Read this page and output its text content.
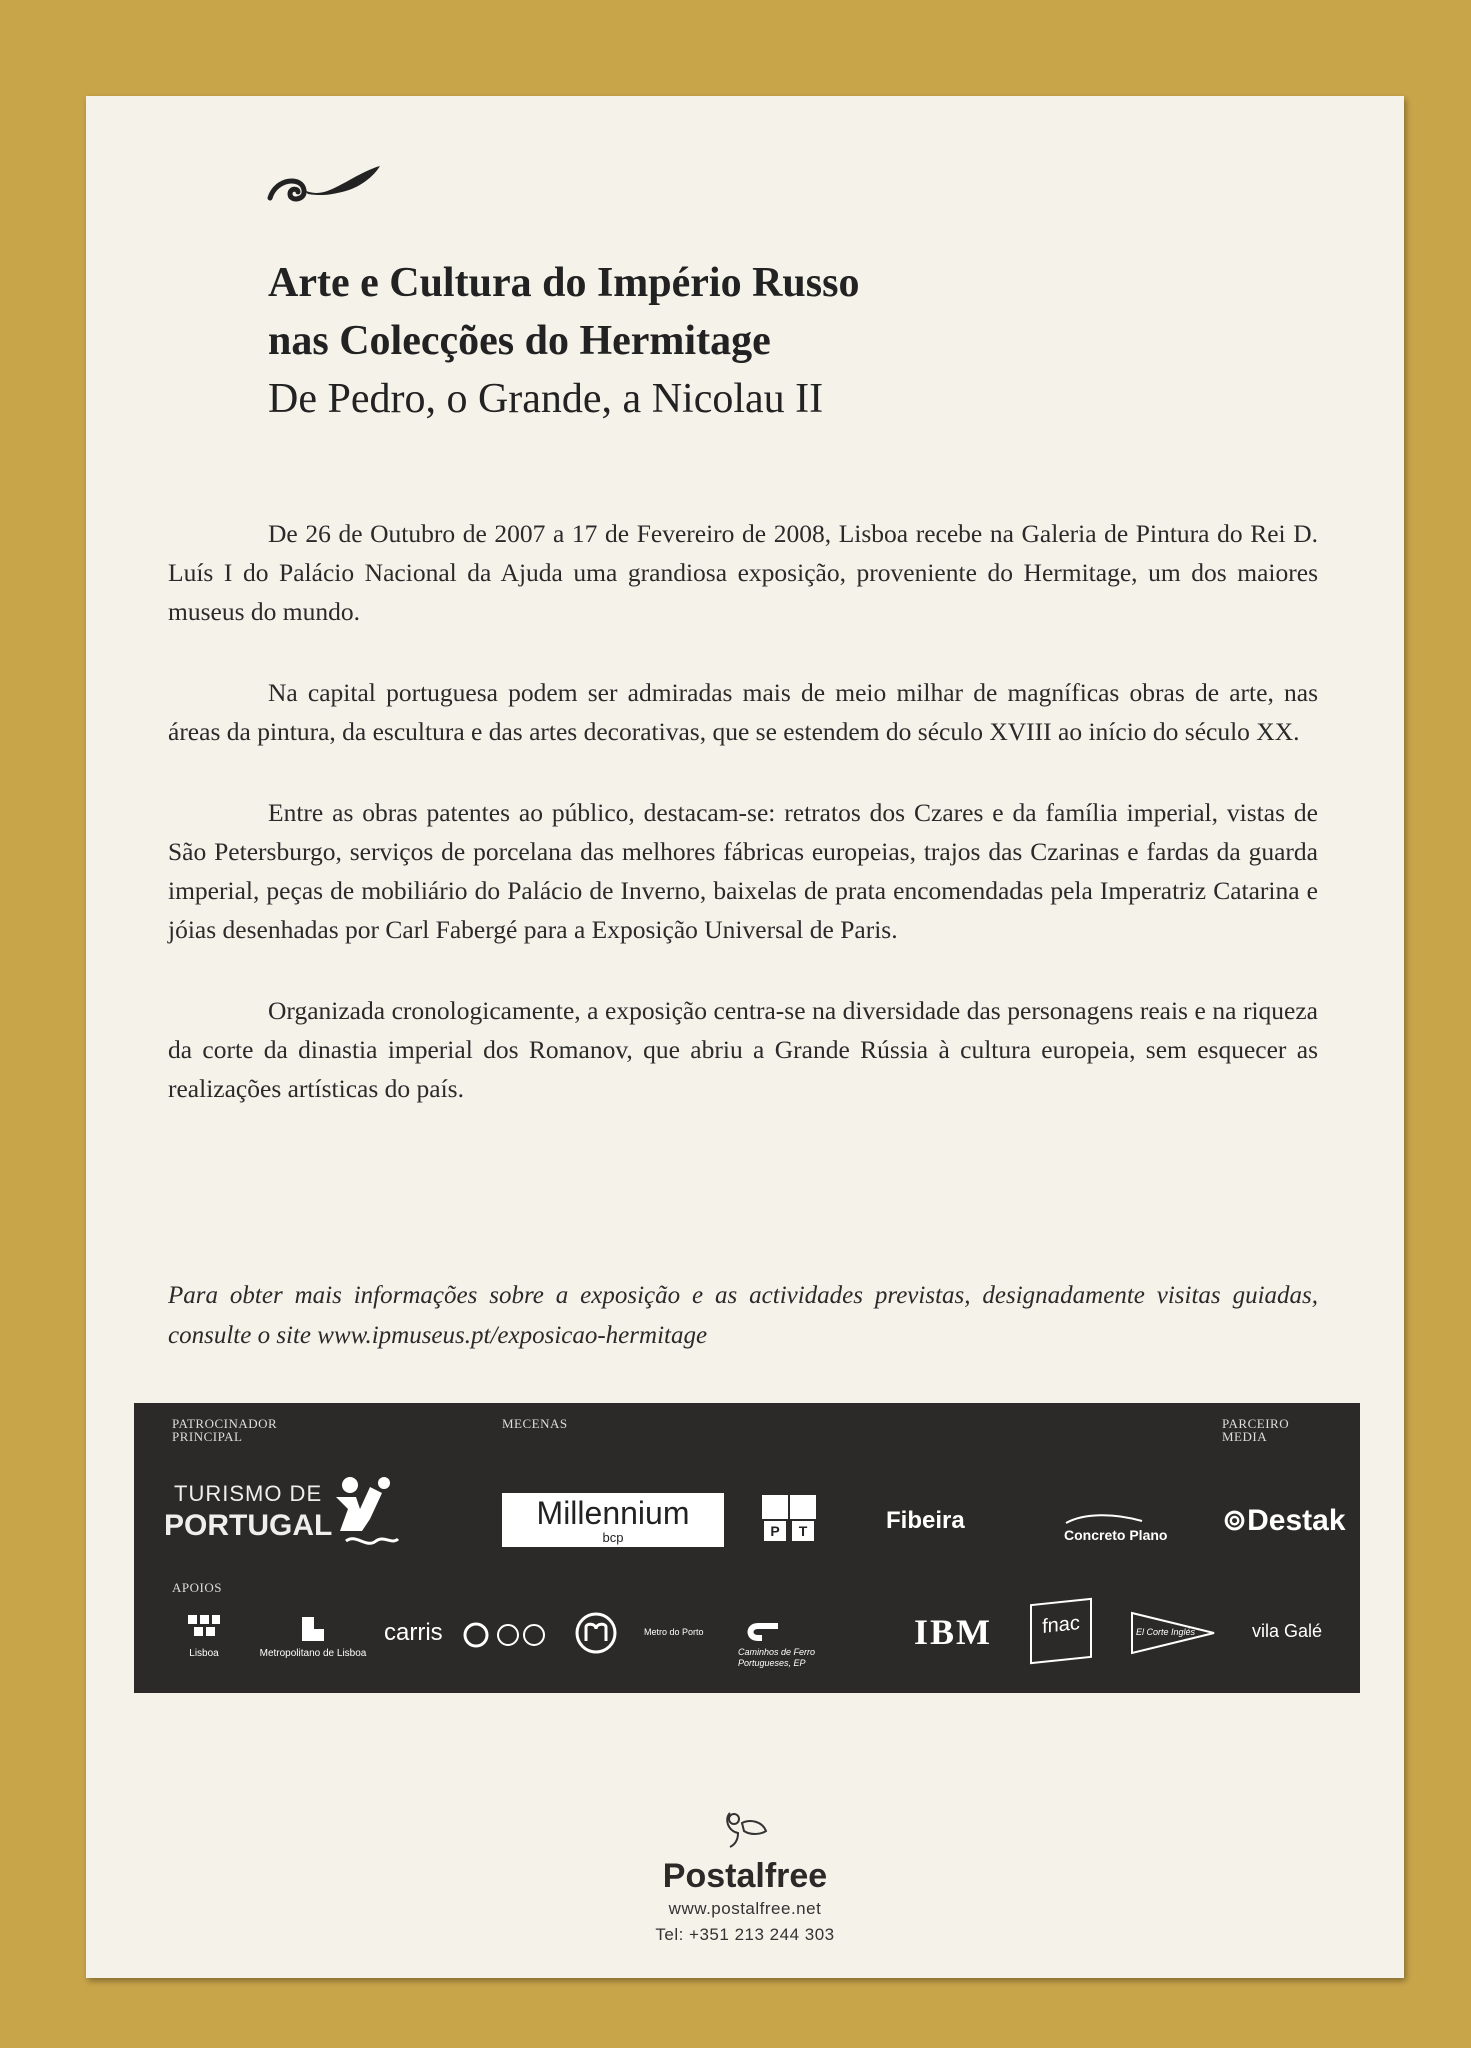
Arte e Cultura do Império Russo
nas Colecções do Hermitage
De Pedro, o Grande, a Nicolau II

De 26 de Outubro de 2007 a 17 de Fevereiro de 2008, Lisboa recebe na Galeria de Pintura do Rei D. Luís I do Palácio Nacional da Ajuda uma grandiosa exposição, proveniente do Hermitage, um dos maiores museus do mundo.

Na capital portuguesa podem ser admiradas mais de meio milhar de magníficas obras de arte, nas áreas da pintura, da escultura e das artes decorativas, que se estendem do século XVIII ao início do século XX.

Entre as obras patentes ao público, destacam-se: retratos dos Czares e da família imperial, vistas de São Petersburgo, serviços de porcelana das melhores fábricas europeias, trajos das Czarinas e fardas da guarda imperial, peças de mobiliário do Palácio de Inverno, baixelas de prata encomendadas pela Imperatriz Catarina e jóias desenhadas por Carl Fabergé para a Exposição Universal de Paris.

Organizada cronologicamente, a exposição centra-se na diversidade das personagens reais e na riqueza da corte da dinastia imperial dos Romanov, que abriu a Grande Rússia à cultura europeia, sem esquecer as realizações artísticas do país.

Para obter mais informações sobre a exposição e as actividades previstas, designadamente visitas guiadas, consulte o site www.ipmuseus.pt/exposicao-hermitage
PATROCINADOR
PRINCIPAL
MECENAS	PARCEIRO
MEDIA
APOIOS
TURISMO DE
PORTUGAL	Millennium
bcp	P	T	Fibeira
Concreto Plano ⊚Destak
Lisboa	Metropolitano de Lisboa
carris	Metro do Porto
Caminhos de Ferro
Portugueses, EP
IBM	fnac	El Corte Inglés	vila Galé
Postalfree
www.postalfree.net
Tel: +351 213 244 303
